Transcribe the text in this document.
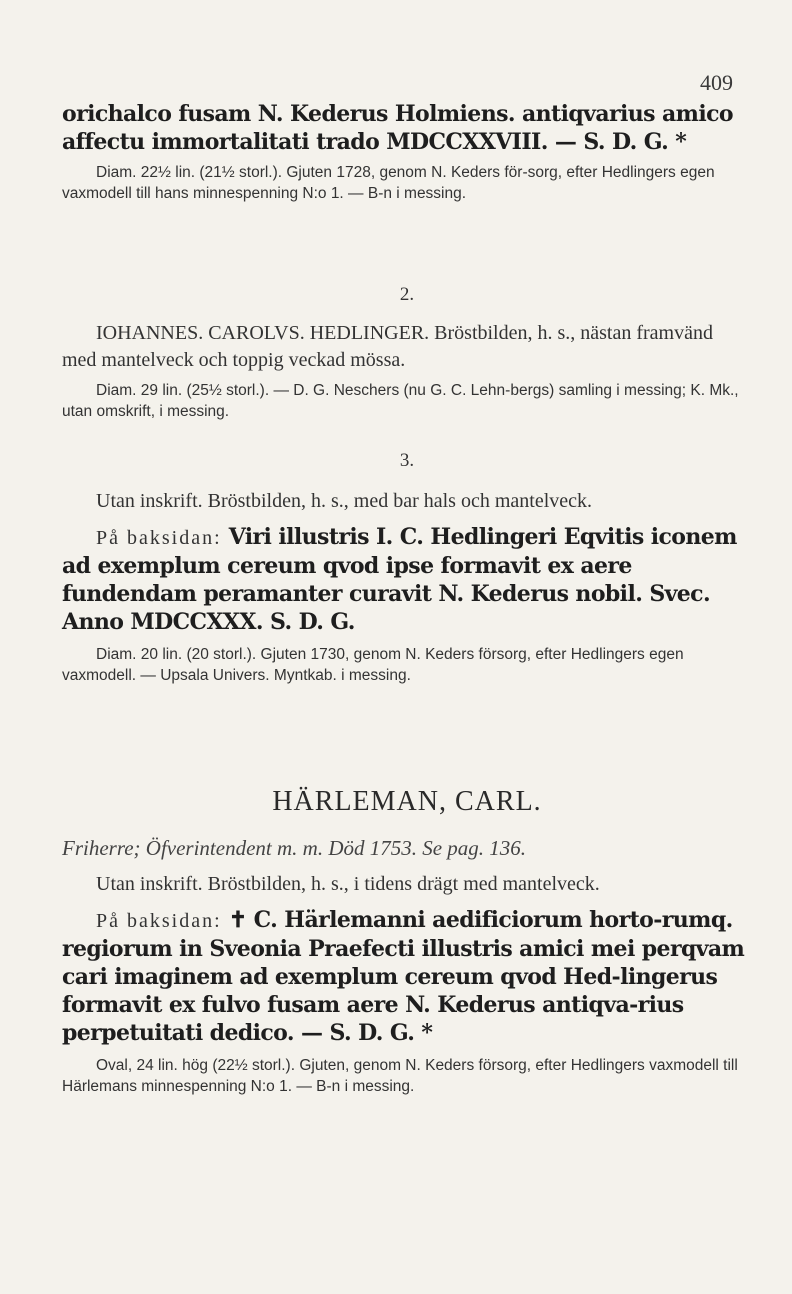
409

orichalco fusam N. Kederus Holmiens. antiqvarius amico affectu immortalitati trado MDCCXXVIII. — S. D. G. *

Diam. 22½ lin. (21½ storl.). Gjuten 1728, genom N. Keders för-sorg, efter Hedlingers egen vaxmodell till hans minnespenning N:o 1. — B-n i messing.

2.

IOHANNES. CAROLVS. HEDLINGER. Bröstbilden, h. s., nästan framvänd med mantelveck och toppig veckad mössa.

Diam. 29 lin. (25½ storl.). — D. G. Neschers (nu G. C. Lehn-bergs) samling i messing; K. Mk., utan omskrift, i messing.

3.

Utan inskrift. Bröstbilden, h. s., med bar hals och mantelveck.

På baksidan: Viri illustris I. C. Hedlingeri Eqvitis iconem ad exemplum cereum qvod ipse formavit ex aere fundendam peramanter curavit N. Kederus nobil. Svec. Anno MDCCXXX. S. D. G.

Diam. 20 lin. (20 storl.). Gjuten 1730, genom N. Keders försorg, efter Hedlingers egen vaxmodell. — Upsala Univers. Myntkab. i messing.

HÄRLEMAN, CARL.

Friherre; Öfverintendent m. m. Död 1753. Se pag. 136.

Utan inskrift. Bröstbilden, h. s., i tidens drägt med mantelveck.

På baksidan: ✝ C. Härlemanni aedificiorum horto-rumq. regiorum in Sveonia Praefecti illustris amici mei perqvam cari imaginem ad exemplum cereum qvod Hed-lingerus formavit ex fulvo fusam aere N. Kederus antiqva-rius perpetuitati dedico. — S. D. G. *

Oval, 24 lin. hög (22½ storl.). Gjuten, genom N. Keders försorg, efter Hedlingers vaxmodell till Härlemans minnespenning N:o 1. — B-n i messing.
